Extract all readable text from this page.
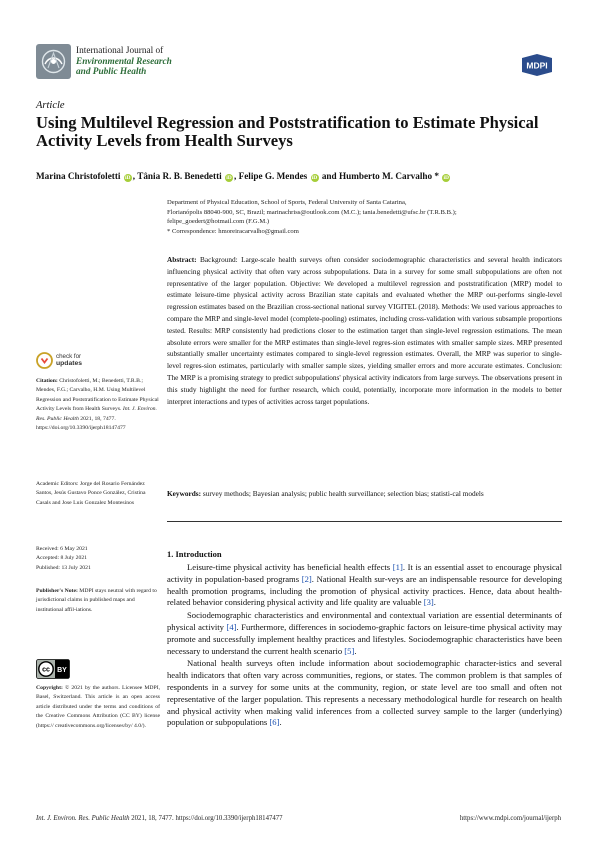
International Journal of
Environmental Research
and Public Health
MDPI
Article
Using Multilevel Regression and Poststratification to Estimate Physical Activity Levels from Health Surveys
Marina Christofoletti iD , Tânia R. B. Benedetti iD , Felipe G. Mendes iD and Humberto M. Carvalho * iD
Department of Physical Education, School of Sports, Federal University of Santa Catarina,
Florianópolis 88040-900, SC, Brazil; marinachriss@outlook.com (M.C.); tania.benedetti@ufsc.br (T.R.B.B.);
felipe_goedert@hotmail.com (F.G.M.)
* Correspondence: hmoreiracarvalho@gmail.com
Abstract: Background: Large-scale health surveys often consider sociodemographic characteristics and several health indicators influencing physical activity that often vary across subpopulations. Data in a survey for some small subpopulations are often not representative of the larger population. Objective: We developed a multilevel regression and poststratification (MRP) model to estimate leisure-time physical activity across Brazilian state capitals and evaluated whether the MRP out-performs single-level regression estimates based on the Brazilian cross-sectional national survey VIGITEL (2018). Methods: We used various approaches to compare the MRP and single-level model (complete-pooling) estimates, including cross-validation with various subsample proportions tested. Results: MRP consistently had predictions closer to the estimation target than single-level regression estimations. The mean absolute errors were smaller for the MRP estimates than single-level regres-sion estimates with smaller sample sizes. MRP presented substantially smaller uncertainty estimates compared to single-level regression estimates. Overall, the MRP was superior to single-level regres-sion estimates, particularly with smaller sample sizes, yielding smaller errors and more accurate estimates. Conclusion: The MRP is a promising strategy to predict subpopulations' physical activity indicators from large surveys. The observations present in this study highlight the need for further research, which could, potentially, incorporate more information in the models to better interpret interactions and types of activities across target populations.
Keywords: survey methods; Bayesian analysis; public health surveillance; selection bias; statisti-cal models
check for
updates
Citation: Christofoletti, M.; Benedetti, T.R.B.; Mendes, F.G.; Carvalho, H.M. Using Multilevel Regression and Poststratification to Estimate Physical Activity Levels from Health Surveys. Int. J. Environ. Res. Public Health 2021, 18, 7477. https://doi.org/10.3390/ijerph18147477
Academic Editors: Jorge del Rosario Fernández Santos, Jesús Gustavo Ponce González, Cristina Casals and Jose Luis Gonzalez Montesinos
Received: 6 May 2021
Accepted: 8 July 2021
Published: 13 July 2021
Publisher's Note: MDPI stays neutral with regard to jurisdictional claims in published maps and institutional affil-iations.
cc BY
Copyright: © 2021 by the authors. Licensee MDPI, Basel, Switzerland. This article is an open access article distributed under the terms and conditions of the Creative Commons Attribution (CC BY) license (https:// creativecommons.org/licenses/by/ 4.0/).
1. Introduction

Leisure-time physical activity has beneficial health effects [1]. It is an essential asset to encourage physical activity in population-based programs [2]. National Health sur-veys are an indispensable resource for developing health promotion programs, including the promotion of physical activity practices. Hence, data about health-related behavior considering physical activity and life quality are valuable [3].

Sociodemographic characteristics and environmental and contextual variation are essential determinants of physical activity [4]. Furthermore, differences in sociodemo-graphic factors on leisure-time physical activity may promote and successfully implement healthy practices and lifestyles. Sociodemographic characteristics have been necessary to understand the current health scenario [5].

National health surveys often include information about sociodemographic character-istics and several health indicators that often vary across communities, regions, or states. The common problem is that samples of respondents in a survey for some units at the community, region, or state level are too small and often not representative of the larger population. This represents a necessary methodological hurdle for research on health and physical activity when making valid inferences from a collected survey sample to the larger (underlying) population or subpopulations [6].

Int. J. Environ. Res. Public Health 2021, 18, 7477. https://doi.org/10.3390/ijerph18147477	https://www.mdpi.com/journal/ijerph
